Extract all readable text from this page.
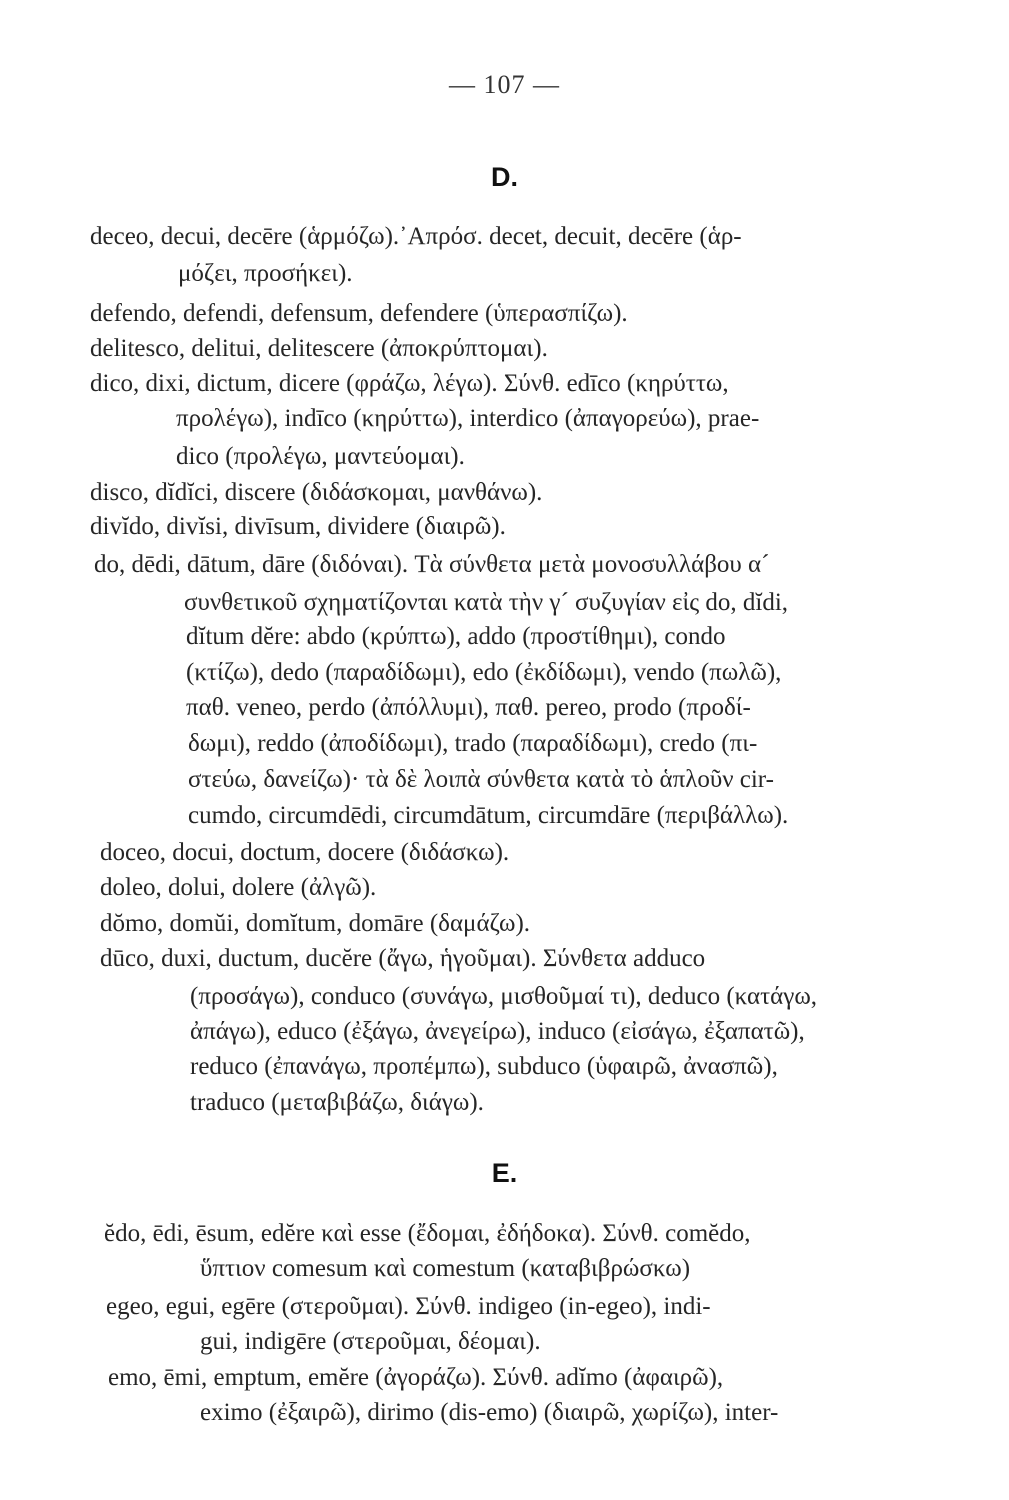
— 107 —
D.
deceo, decui, decēre (ἁρμόζω).᾽Απρόσ. decet, decuit, decēre (ἁρ-
μόζει, προσήκει).
defendo, defendi, defensum, defendere (ὑπερασπίζω).
delitesco, delitui, delitescere (ἀποκρύπτομαι).
dico, dixi, dictum, dicere (φράζω, λέγω). Σύνθ. edīco (κηρύττω,
προλέγω), indīco (κηρύττω), interdico (ἀπαγορεύω), prae-
dico (προλέγω, μαντεύομαι).
disco, dĭdĭci, discere (διδάσκομαι, μανθάνω).
divĭdo, divĭsi, divīsum, dividere (διαιρῶ).
do, dēdi, dātum, dāre (διδόναι). Τὰ σύνθετα μετὰ μονοσυλλάβου α´
συνθετικοῦ σχηματίζονται κατὰ τὴν γ´ συζυγίαν εἰς do, dĭdi,
dĭtum dĕre: abdo (κρύπτω), addo (προστίθημι), condo
(κτίζω), dedo (παραδίδωμι), edo (ἐκδίδωμι), vendo (πωλῶ),
παθ. veneo, perdo (ἀπόλλυμι), παθ. pereo, prodo (προδί-
δωμι), reddo (ἀποδίδωμι), trado (παραδίδωμι), credo (πι-
στεύω, δανείζω)· τὰ δὲ λοιπὰ σύνθετα κατὰ τὸ ἁπλοῦν cir-
cumdo, circumdēdi, circumdātum, circumdāre (περιβάλλω).
doceo, docui, doctum, docere (διδάσκω).
doleo, dolui, dolere (ἀλγῶ).
dŏmo, domŭi, domĭtum, domāre (δαμάζω).
dūco, duxi, ductum, ducĕre (ἄγω, ἡγοῦμαι). Σύνθετα adduco
(προσάγω), conduco (συνάγω, μισθοῦμαί τι), deduco (κατάγω,
ἀπάγω), educo (ἐξάγω, ἀνεγείρω), induco (εἰσάγω, ἐξαπατῶ),
reduco (ἐπανάγω, προπέμπω), subduco (ὑφαιρῶ, ἀνασπῶ),
traduco (μεταβιβάζω, διάγω).
E.
ĕdo, ēdi, ēsum, edĕre καὶ esse (ἔδομαι, ἐδήδοκα). Σύνθ. comĕdo,
ὕπτιον comesum καὶ comestum (καταβιβρώσκω)
egeo, egui, egēre (στεροῦμαι). Σύνθ. indigeo (in-egeo), indi-
gui, indigēre (στεροῦμαι, δέομαι).
emo, ēmi, emptum, emĕre (ἀγοράζω). Σύνθ. adĭmo (ἀφαιρῶ),
eximo (ἐξαιρῶ), dirimo (dis-emo) (διαιρῶ, χωρίζω), inter-
